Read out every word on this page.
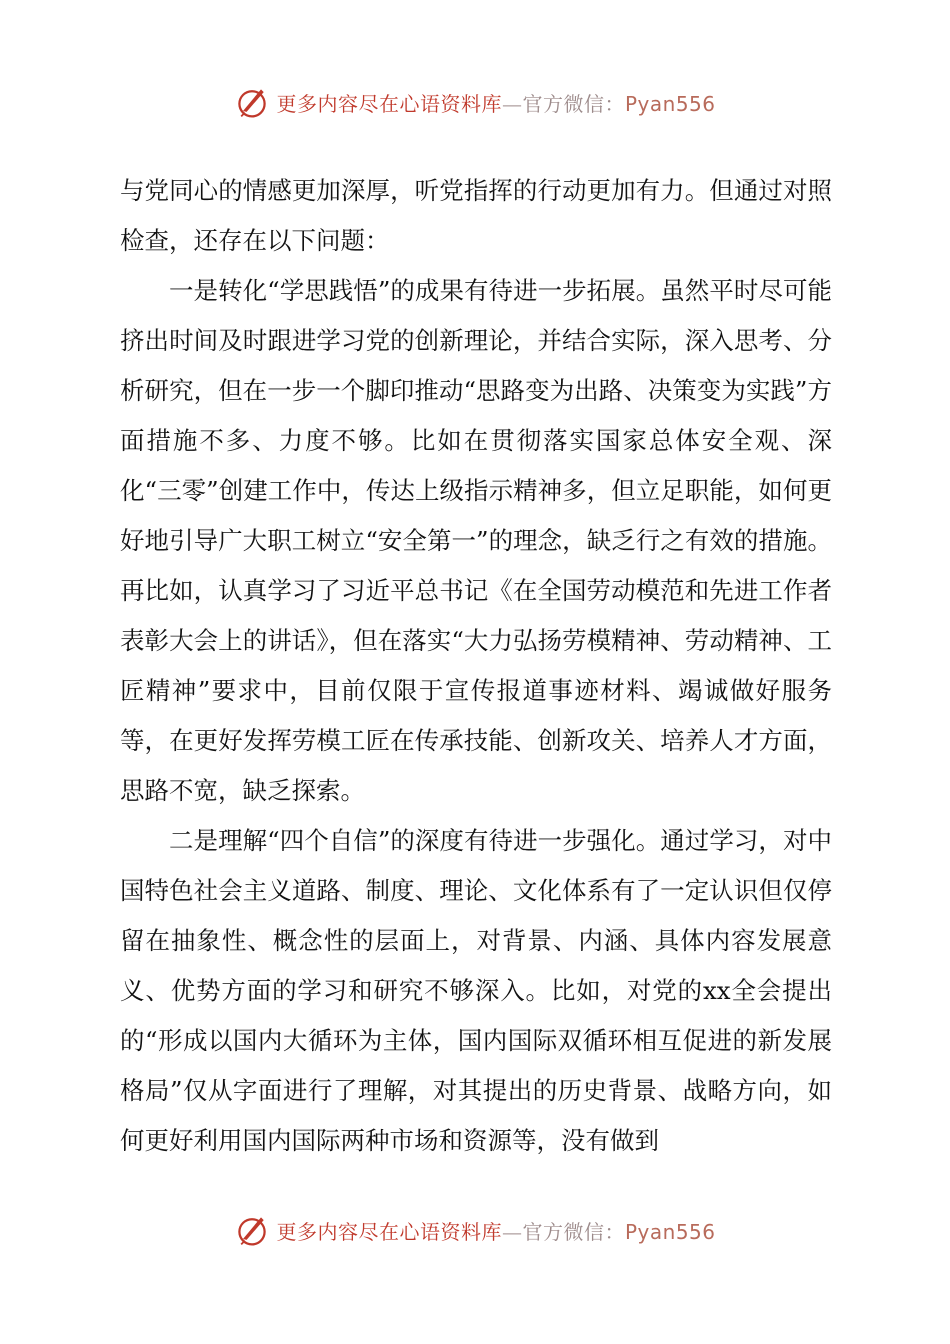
更多内容尽在心语资料库—官方微信：Pyan556

与党同心的情感更加深厚，听党指挥的行动更加有力。但通过对照检查，还存在以下问题：

一是转化“学思践悟”的成果有待进一步拓展。虽然平时尽可能挤出时间及时跟进学习党的创新理论，并结合实际，深入思考、分析研究，但在一步一个脚印推动“思路变为出路、决策变为实践”方面措施不多、力度不够。比如在贯彻落实国家总体安全观、深化“三零”创建工作中，传达上级指示精神多，但立足职能，如何更好地引导广大职工树立“安全第一”的理念，缺乏行之有效的措施。再比如，认真学习了习近平总书记《在全国劳动模范和先进工作者表彰大会上的讲话》，但在落实“大力弘扬劳模精神、劳动精神、工匠精神”要求中，目前仅限于宣传报道事迹材料、竭诚做好服务等，在更好发挥劳模工匠在传承技能、创新攻关、培养人才方面，思路不宽，缺乏探索。

二是理解“四个自信”的深度有待进一步强化。通过学习，对中国特色社会主义道路、制度、理论、文化体系有了一定认识但仅停留在抽象性、概念性的层面上，对背景、内涵、具体内容发展意义、优势方面的学习和研究不够深入。比如，对党的xx全会提出的“形成以国内大循环为主体，国内国际双循环相互促进的新发展格局”仅从字面进行了理解，对其提出的历史背景、战略方向，如何更好利用国内国际两种市场和资源等，没有做到

更多内容尽在心语资料库—官方微信：Pyan556
